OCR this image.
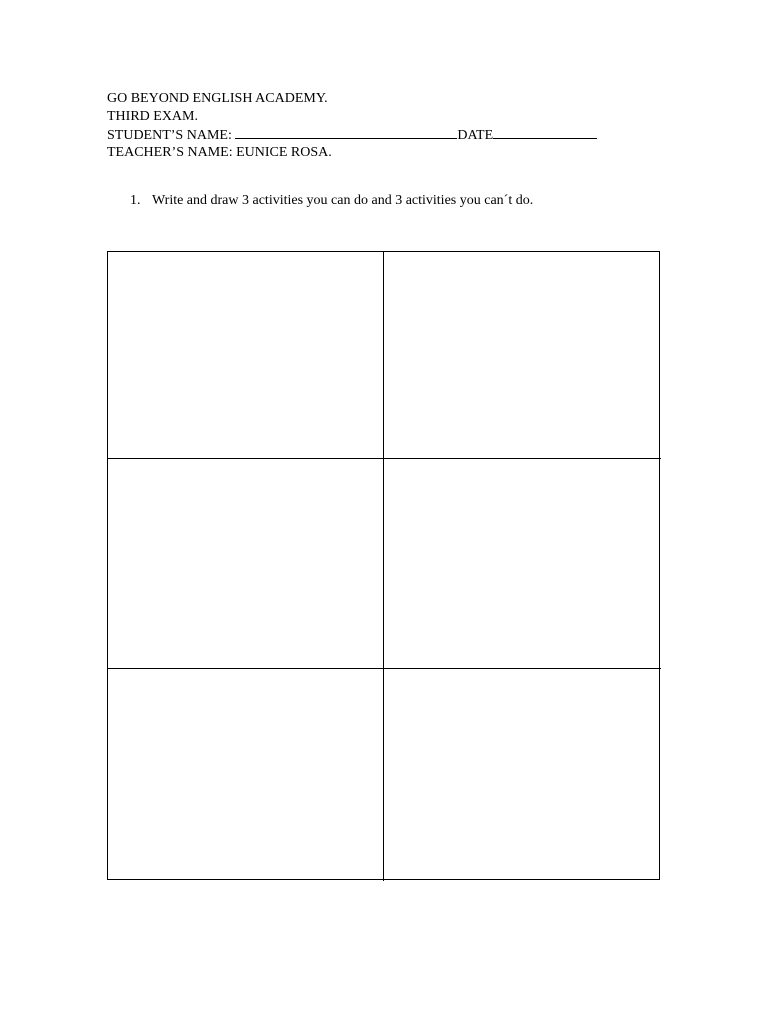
GO BEYOND ENGLISH ACADEMY.
THIRD EXAM.
STUDENT’S NAME:	DATE
TEACHER’S NAME: EUNICE ROSA.
1. Write and draw 3 activities you can do and 3 activities you can´t do.
